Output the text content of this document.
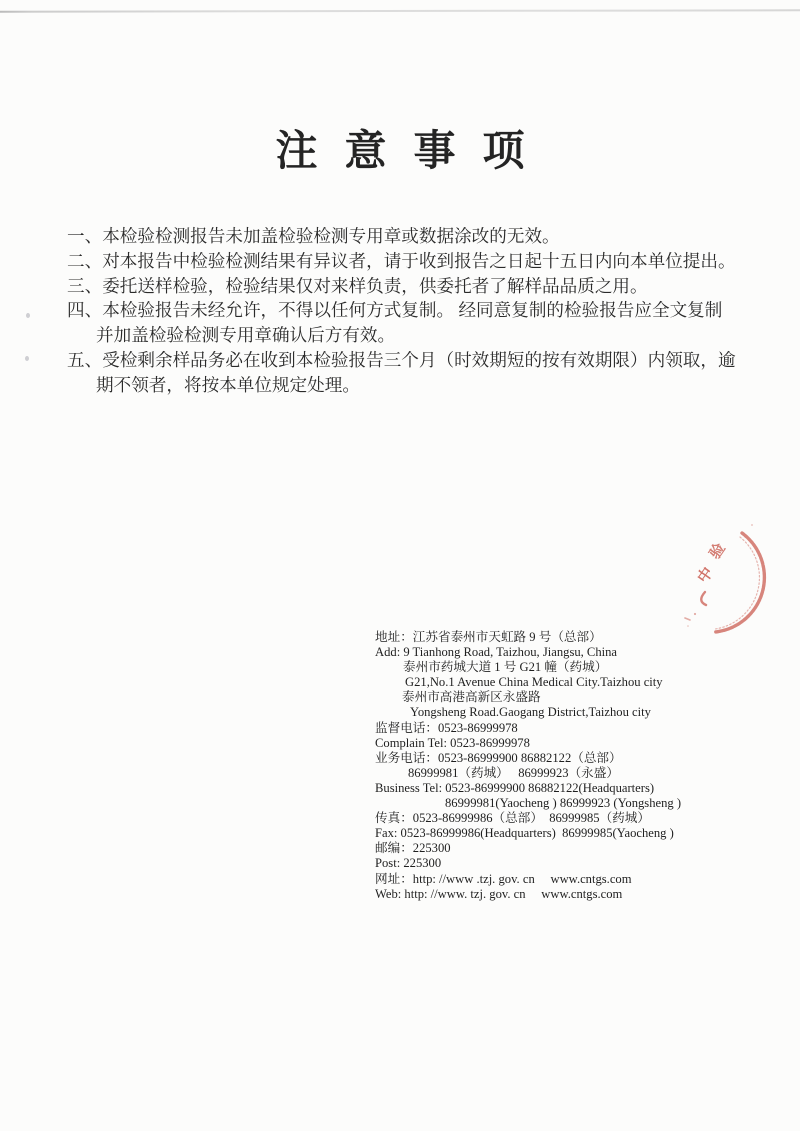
注意事项
一、本检验检测报告未加盖检验检测专用章或数据涂改的无效。
二、对本报告中检验检测结果有异议者，请于收到报告之日起十五日内向本单位提出。
三、委托送样检验，检验结果仅对来样负责，供委托者了解样品品质之用。
四、本检验报告未经允许，不得以任何方式复制。 经同意复制的检验报告应全文复制
并加盖检验检测专用章确认后方有效。
五、受检剩余样品务必在收到本检验报告三个月（时效期短的按有效期限）内领取，逾
期不领者，将按本单位规定处理。
地址：江苏省泰州市天虹路 9 号（总部）
Add: 9 Tianhong Road, Taizhou, Jiangsu, China
泰州市药城大道 1 号 G21 幢（药城）
G21,No.1 Avenue China Medical City.Taizhou city
泰州市高港高新区永盛路
Yongsheng Road.Gaogang District,Taizhou city
监督电话：0523-86999978
Complain Tel: 0523-86999978
业务电话：0523-86999900 86882122（总部）
86999981（药城）   86999923（永盛）
Business Tel: 0523-86999900 86882122(Headquarters)
86999981(Yaocheng ) 86999923 (Yongsheng )
传真：0523-86999986（总部）  86999985（药城）
Fax: 0523-86999986(Headquarters)  86999985(Yaocheng )
邮编：225300
Post: 225300
网址：http: //www .tzj. gov. cn     www.cntgs.com
Web: http: //www. tzj. gov. cn     www.cntgs.com
验
中
